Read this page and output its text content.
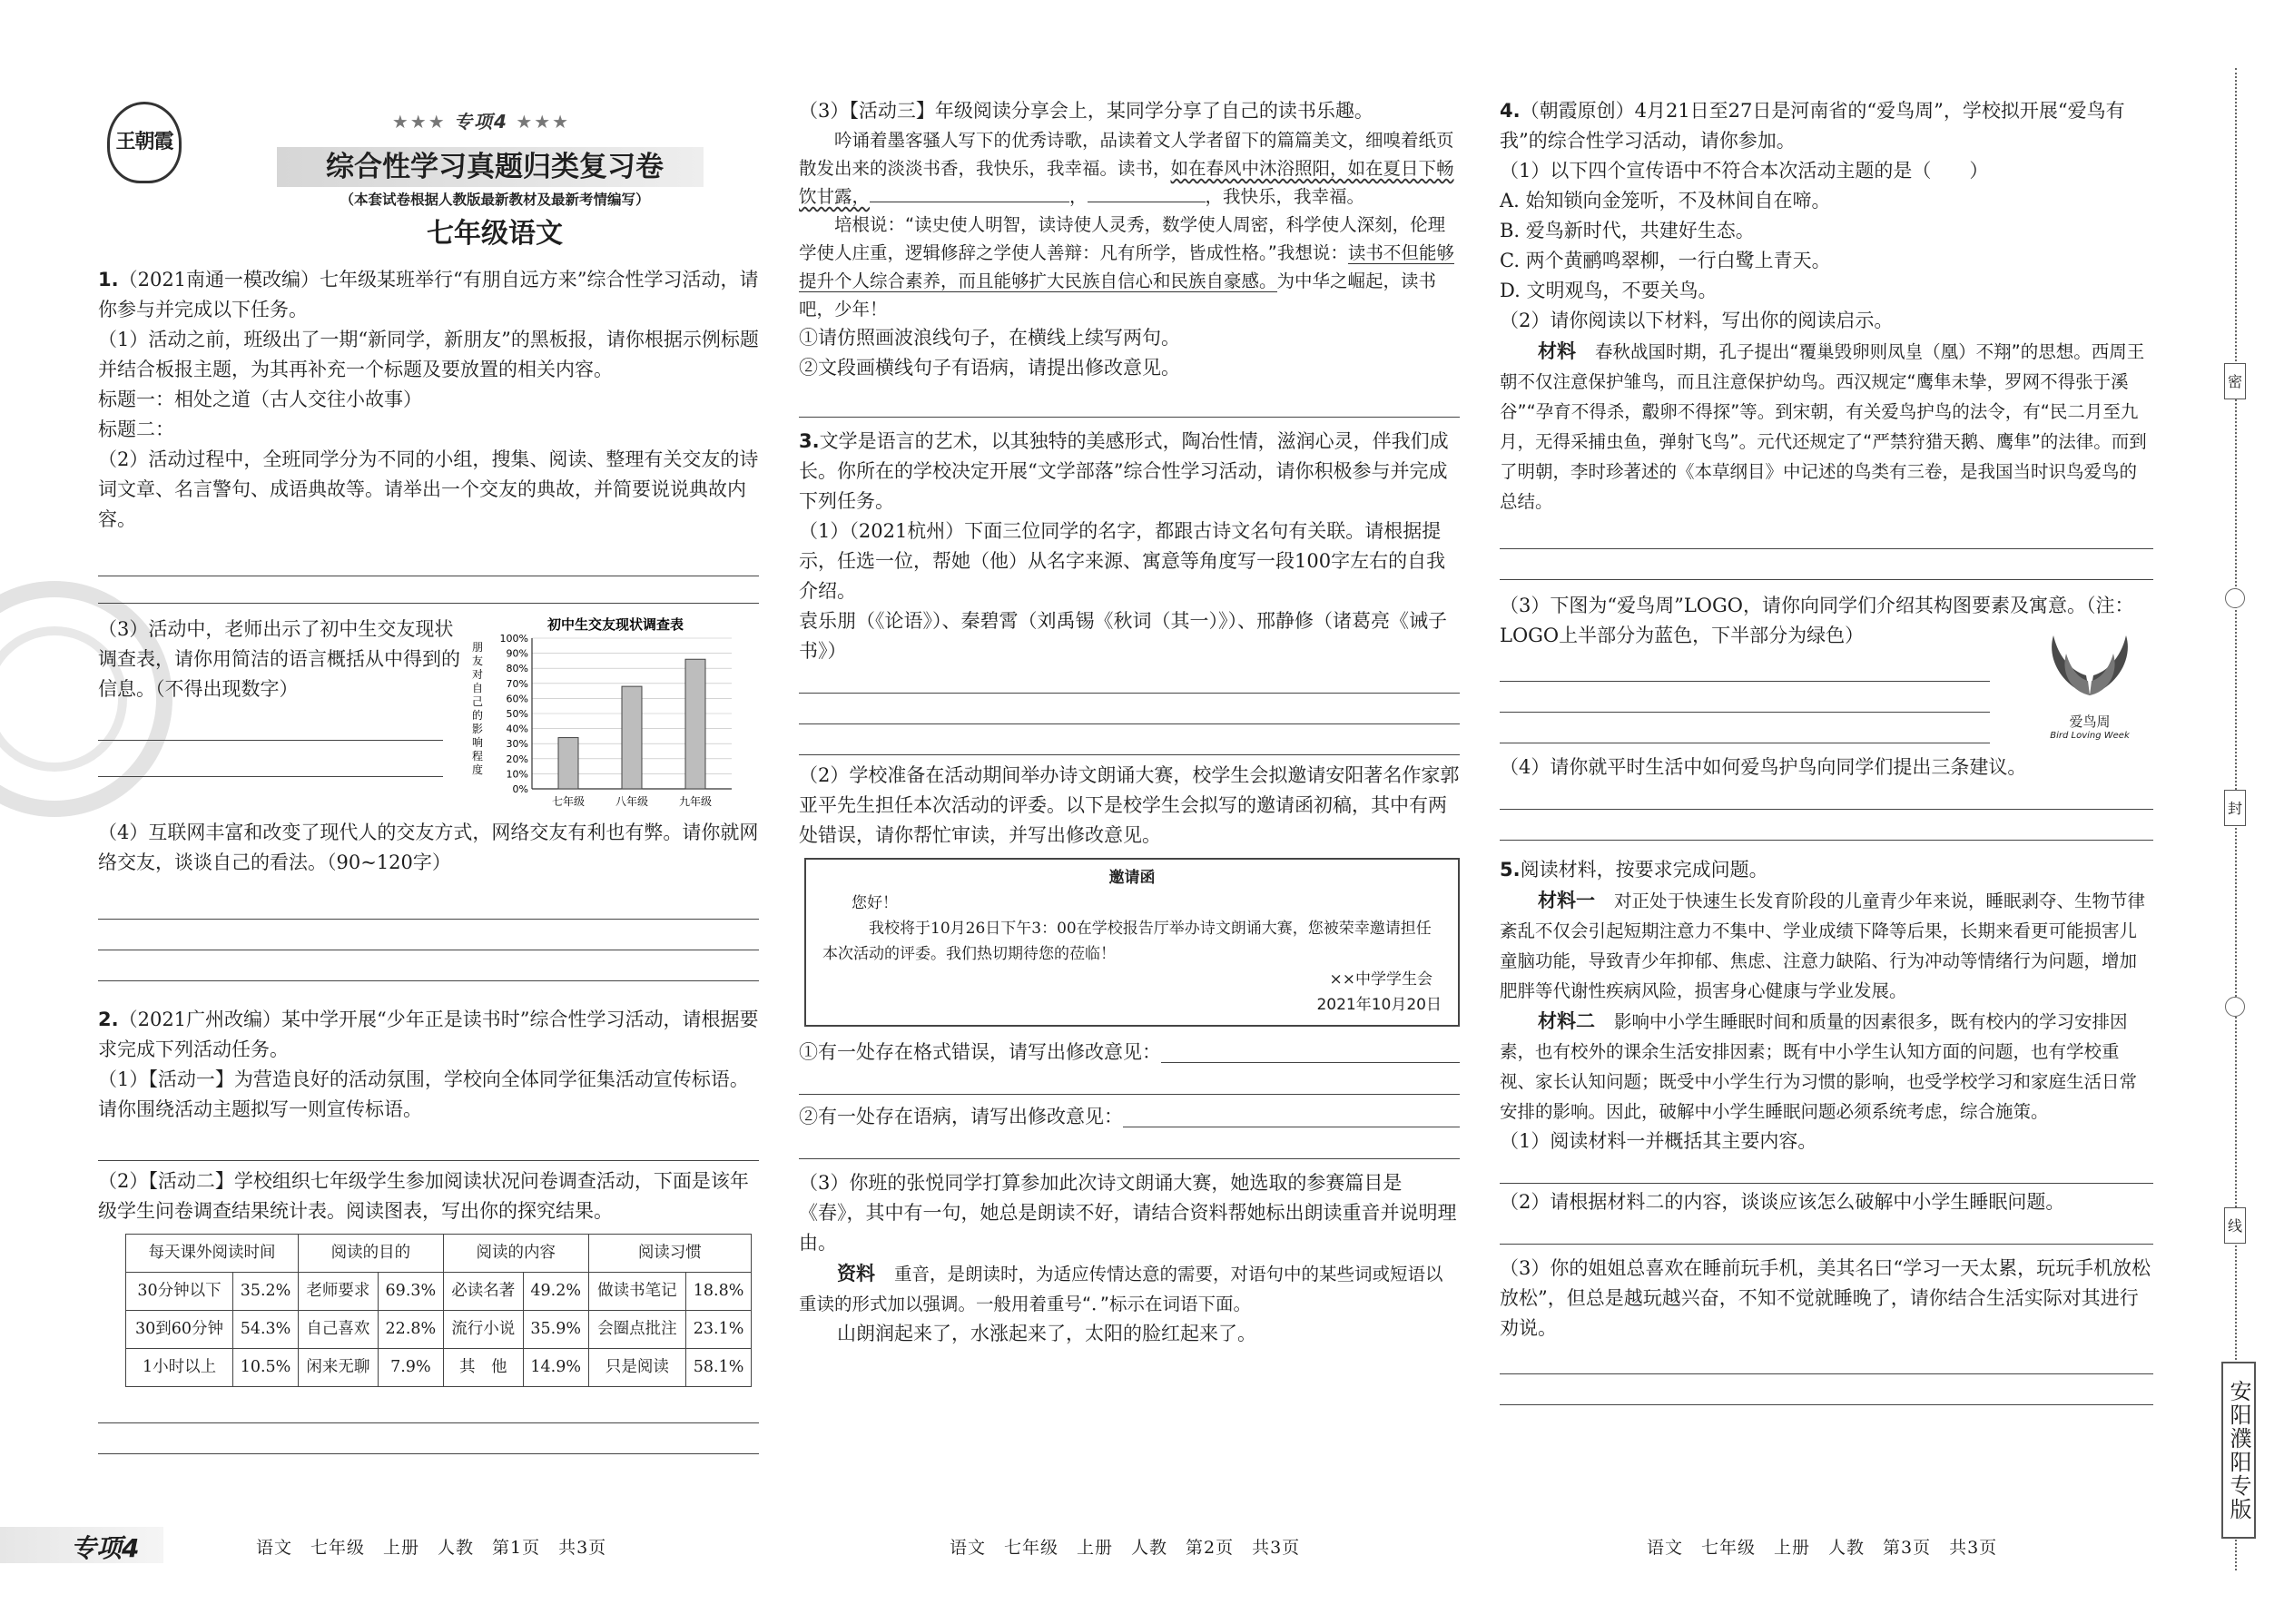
王朝霞
★★★ 专项4 ★★★
综合性学习真题归类复习卷
（本套试卷根据人教版最新教材及最新考情编写）
七年级语文
1.（2021南通一模改编）七年级某班举行“有朋自远方来”综合性学习活动，请你参与并完成以下任务。
（1）活动之前，班级出了一期“新同学，新朋友”的黑板报，请你根据示例标题并结合板报主题，为其再补充一个标题及要放置的相关内容。
标题一：相处之道（古人交往小故事）
标题二：
（2）活动过程中，全班同学分为不同的小组，搜集、阅读、整理有关交友的诗词文章、名言警句、成语典故等。请举出一个交友的典故，并简要说说典故内容。
（3）活动中，老师出示了初中生交友现状调查表，请你用简洁的语言概括从中得到的信息。（不得出现数字）
初中生交友现状调查表
朋
友
对
自
己
的
影
响
程
度
0%
10%
20%
30%
40%
50%
60%
70%
80%
90%
100%
七年级	八年级	九年级
（4）互联网丰富和改变了现代人的交友方式，网络交友有利也有弊。请你就网络交友，谈谈自己的看法。（90~120字）
2.（2021广州改编）某中学开展“少年正是读书时”综合性学习活动，请根据要求完成下列活动任务。
（1）【活动一】为营造良好的活动氛围，学校向全体同学征集活动宣传标语。请你围绕活动主题拟写一则宣传标语。
（2）【活动二】学校组织七年级学生参加阅读状况问卷调查活动，下面是该年级学生问卷调查结果统计表。阅读图表，写出你的探究结果。
每天课外阅读时间		阅读的目的		阅读的内容		阅读习惯	
30分钟以下	35.2%	老师要求	69.3%	必读名著	49.2%	做读书笔记	18.8%
30到60分钟	54.3%	自己喜欢	22.8%	流行小说	35.9%	会圈点批注	23.1%
1小时以上	10.5%	闲来无聊	7.9%	其　他	14.9%	只是阅读	58.1%
（3）【活动三】年级阅读分享会上，某同学分享了自己的读书乐趣。
吟诵着墨客骚人写下的优秀诗歌，品读着文人学者留下的篇篇美文，细嗅着纸页散发出来的淡淡书香，我快乐，我幸福。读书，如在春风中沐浴照阳，如在夏日下畅饮甘露，	，	，我快乐，我幸福。
培根说：“读史使人明智，读诗使人灵秀，数学使人周密，科学使人深刻，伦理学使人庄重，逻辑修辞之学使人善辩：凡有所学，皆成性格。”我想说：读书不但能够提升个人综合素养，而且能够扩大民族自信心和民族自豪感。为中华之崛起，读书吧，少年！
①请仿照画波浪线句子，在横线上续写两句。
②文段画横线句子有语病，请提出修改意见。
3.文学是语言的艺术，以其独特的美感形式，陶冶性情，滋润心灵，伴我们成长。你所在的学校决定开展“文学部落”综合性学习活动，请你积极参与并完成下列任务。
（1）（2021杭州）下面三位同学的名字，都跟古诗文名句有关联。请根据提示，任选一位，帮她（他）从名字来源、寓意等角度写一段100字左右的自我介绍。
袁乐朋（《论语》）、秦碧霄（刘禹锡《秋词（其一）》）、邢静修（诸葛亮《诫子书》）
（2）学校准备在活动期间举办诗文朗诵大赛，校学生会拟邀请安阳著名作家郭亚平先生担任本次活动的评委。以下是校学生会拟写的邀请函初稿，其中有两处错误，请你帮忙审读，并写出修改意见。
邀请函
您好！
我校将于10月26日下午3：00在学校报告厅举办诗文朗诵大赛，您被荣幸邀请担任本次活动的评委。我们热切期待您的莅临！
××中学学生会
2021年10月20日
①有一处存在格式错误，请写出修改意见：
②有一处存在语病，请写出修改意见：
（3）你班的张悦同学打算参加此次诗文朗诵大赛，她选取的参赛篇目是《春》，其中有一句，她总是朗读不好，请结合资料帮她标出朗读重音并说明理由。
资料　 重音，是朗读时，为适应传情达意的需要，对语句中的某些词或短语以重读的形式加以强调。一般用着重号“．”标示在词语下面。
山朗润起来了，水涨起来了，太阳的脸红起来了。
4.（朝霞原创）4月21日至27日是河南省的“爱鸟周”，学校拟开展“爱鸟有我”的综合性学习活动，请你参加。
（1）以下四个宣传语中不符合本次活动主题的是（　　）
A. 始知锁向金笼听，不及林间自在啼。
B. 爱鸟新时代，共建好生态。
C. 两个黄鹂鸣翠柳，一行白鹭上青天。
D. 文明观鸟，不要关鸟。
（2）请你阅读以下材料，写出你的阅读启示。
材料　 春秋战国时期，孔子提出“覆巢毁卵则凤皇（凰）不翔”的思想。西周王朝不仅注意保护雏鸟，而且注意保护幼鸟。西汉规定“鹰隼未挚，罗网不得张于溪谷”“孕育不得杀，鷇卵不得探”等。到宋朝，有关爱鸟护鸟的法令，有“民二月至九月，无得采捕虫鱼，弹射飞鸟”。元代还规定了“严禁狩猎天鹅、鹰隼”的法律。而到了明朝，李时珍著述的《本草纲目》中记述的鸟类有三卷，是我国当时识鸟爱鸟的总结。
（3）下图为“爱鸟周”LOGO，请你向同学们介绍其构图要素及寓意。（注：LOGO上半部分为蓝色，下半部分为绿色）
爱鸟周
Bird Loving Week
（4）请你就平时生活中如何爱鸟护鸟向同学们提出三条建议。
5.阅读材料，按要求完成问题。
材料一　 对正处于快速生长发育阶段的儿童青少年来说，睡眠剥夺、生物节律紊乱不仅会引起短期注意力不集中、学业成绩下降等后果，长期来看更可能损害儿童脑功能，导致青少年抑郁、焦虑、注意力缺陷、行为冲动等情绪行为问题，增加肥胖等代谢性疾病风险，损害身心健康与学业发展。
材料二　 影响中小学生睡眠时间和质量的因素很多，既有校内的学习安排因素，也有校外的课余生活安排因素；既有中小学生认知方面的问题，也有学校重视、家长认知问题；既受中小学生行为习惯的影响，也受学校学习和家庭生活日常安排的影响。因此，破解中小学生睡眠问题必须系统考虑，综合施策。
（1）阅读材料一并概括其主要内容。
（2）请根据材料二的内容，谈谈应该怎么破解中小学生睡眠问题。
（3）你的姐姐总喜欢在睡前玩手机，美其名曰“学习一天太累，玩玩手机放松放松”，但总是越玩越兴奋，不知不觉就睡晚了，请你结合生活实际对其进行劝说。
专项4	语文　七年级　上册　人教　第1页　共3页	语文　七年级　上册　人教　第2页　共3页	语文　七年级　上册　人教　第3页　共3页
密
封
线
安阳濮阳专版
